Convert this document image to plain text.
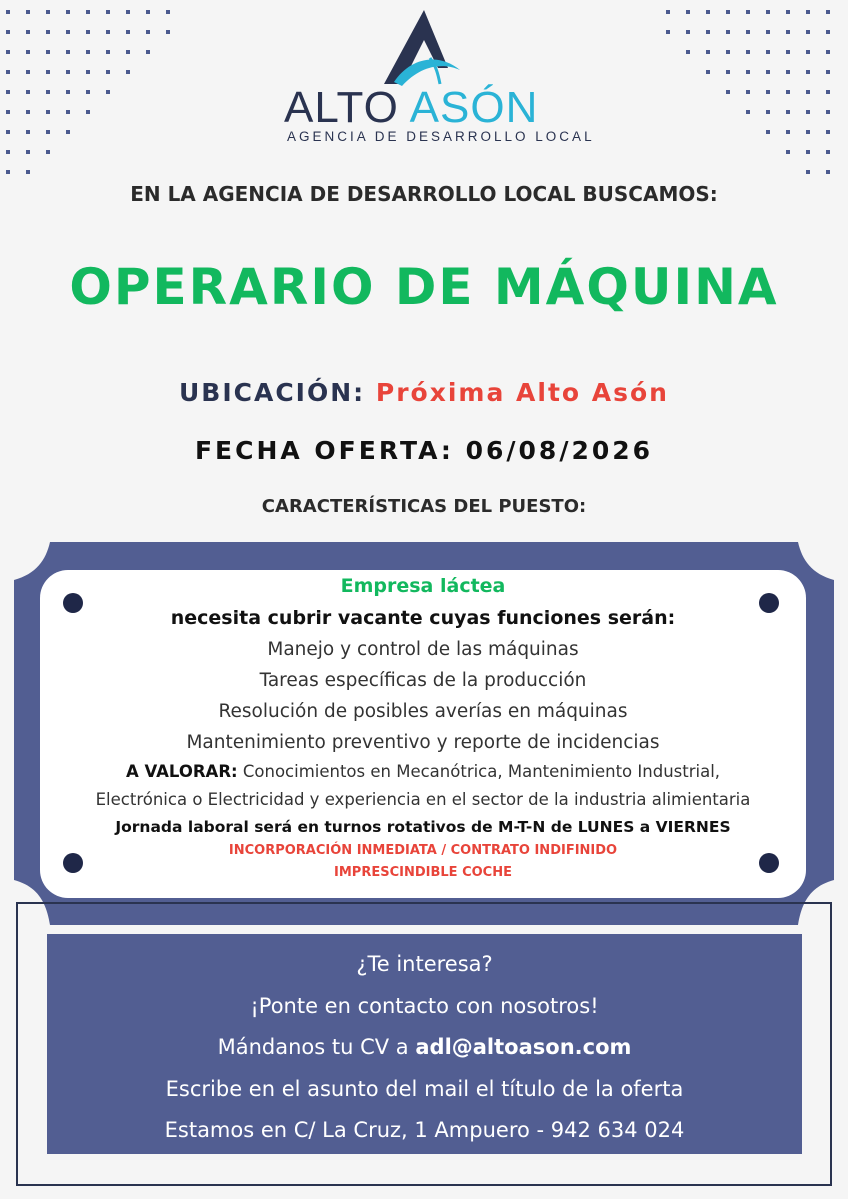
ALTO ASÓN
AGENCIA DE DESARROLLO LOCAL
EN LA AGENCIA DE DESARROLLO LOCAL BUSCAMOS:
OPERARIO DE MÁQUINA
UBICACIÓN: Próxima Alto Asón
FECHA OFERTA: 06/08/2026
CARACTERÍSTICAS DEL PUESTO:
Empresa láctea
necesita cubrir vacante cuyas funciones serán:
Manejo y control de las máquinas
Tareas específicas de la producción
Resolución de posibles averías en máquinas
Mantenimiento preventivo y reporte de incidencias
A VALORAR: Conocimientos en Mecanótrica, Mantenimiento Industrial,
Electrónica o Electricidad y experiencia en el sector de la industria alimientaria
Jornada laboral será en turnos rotativos de M-T-N de LUNES a VIERNES
INCORPORACIÓN INMEDIATA / CONTRATO INDIFINIDO
IMPRESCINDIBLE COCHE
¿Te interesa?
¡Ponte en contacto con nosotros!
Mándanos tu CV a adl@altoason.com
Escribe en el asunto del mail el título de la oferta
Estamos en C/ La Cruz, 1 Ampuero - 942 634 024
